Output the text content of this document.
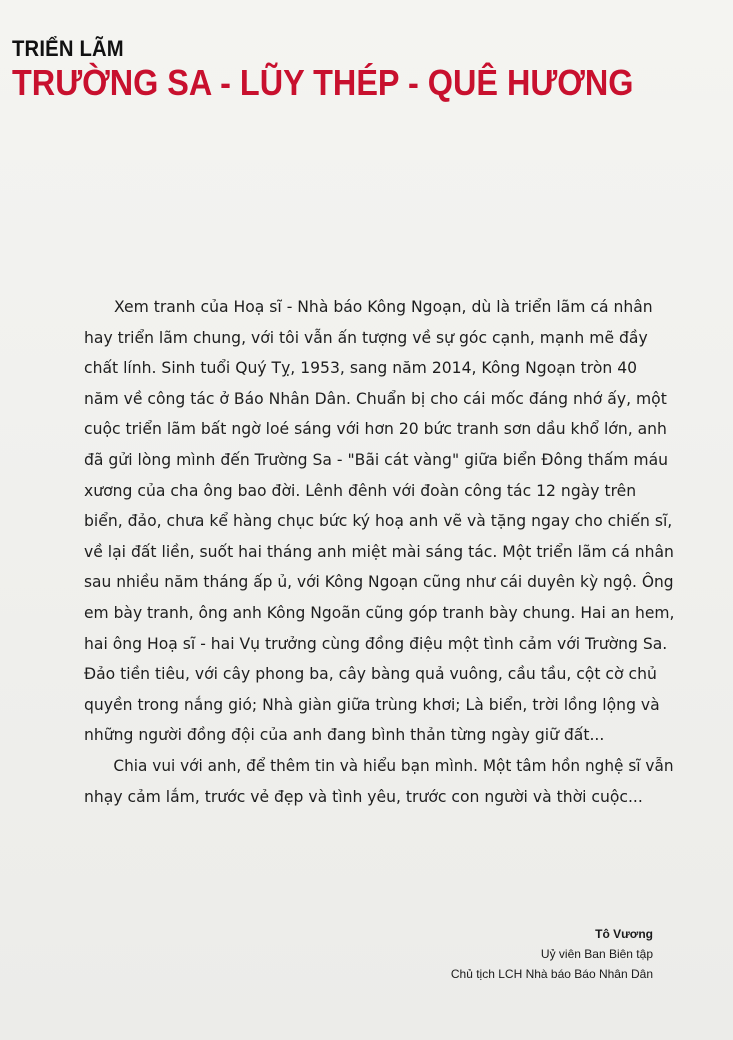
TRIỂN LÃM
TRƯỜNG SA - LŨY THÉP - QUÊ HƯƠNG

Xem tranh của Hoạ sĩ - Nhà báo Kông Ngoạn, dù là triển lãm cá nhân
hay triển lãm chung, với tôi vẫn ấn tượng về sự góc cạnh, mạnh mẽ đầy
chất lính. Sinh tuổi Quý Tỵ, 1953, sang năm 2014, Kông Ngoạn tròn 40
năm về công tác ở Báo Nhân Dân. Chuẩn bị cho cái mốc đáng nhớ ấy, một
cuộc triển lãm bất ngờ loé sáng với hơn 20 bức tranh sơn dầu khổ lớn, anh
đã gửi lòng mình đến Trường Sa - "Bãi cát vàng" giữa biển Đông thấm máu
xương của cha ông bao đời. Lênh đênh với đoàn công tác 12 ngày trên
biển, đảo, chưa kể hàng chục bức ký hoạ anh vẽ và tặng ngay cho chiến sĩ,
về lại đất liền, suốt hai tháng anh miệt mài sáng tác. Một triển lãm cá nhân
sau nhiều năm tháng ấp ủ, với Kông Ngoạn cũng như cái duyên kỳ ngộ. Ông
em bày tranh, ông anh Kông Ngoãn cũng góp tranh bày chung. Hai an hem,
hai ông Hoạ sĩ - hai Vụ trưởng cùng đồng điệu một tình cảm với Trường Sa.
Đảo tiền tiêu, với cây phong ba, cây bàng quả vuông, cầu tầu, cột cờ chủ
quyền trong nắng gió; Nhà giàn giữa trùng khơi; Là biển, trời lồng lộng và
những người đồng đội của anh đang bình thản từng ngày giữ đất...

Chia vui với anh, để thêm tin và hiểu bạn mình. Một tâm hồn nghệ sĩ vẫn
nhạy cảm lắm, trước vẻ đẹp và tình yêu, trước con người và thời cuộc...

Tô Vương
Uỷ viên Ban Biên tập
Chủ tịch LCH Nhà báo Báo Nhân Dân
